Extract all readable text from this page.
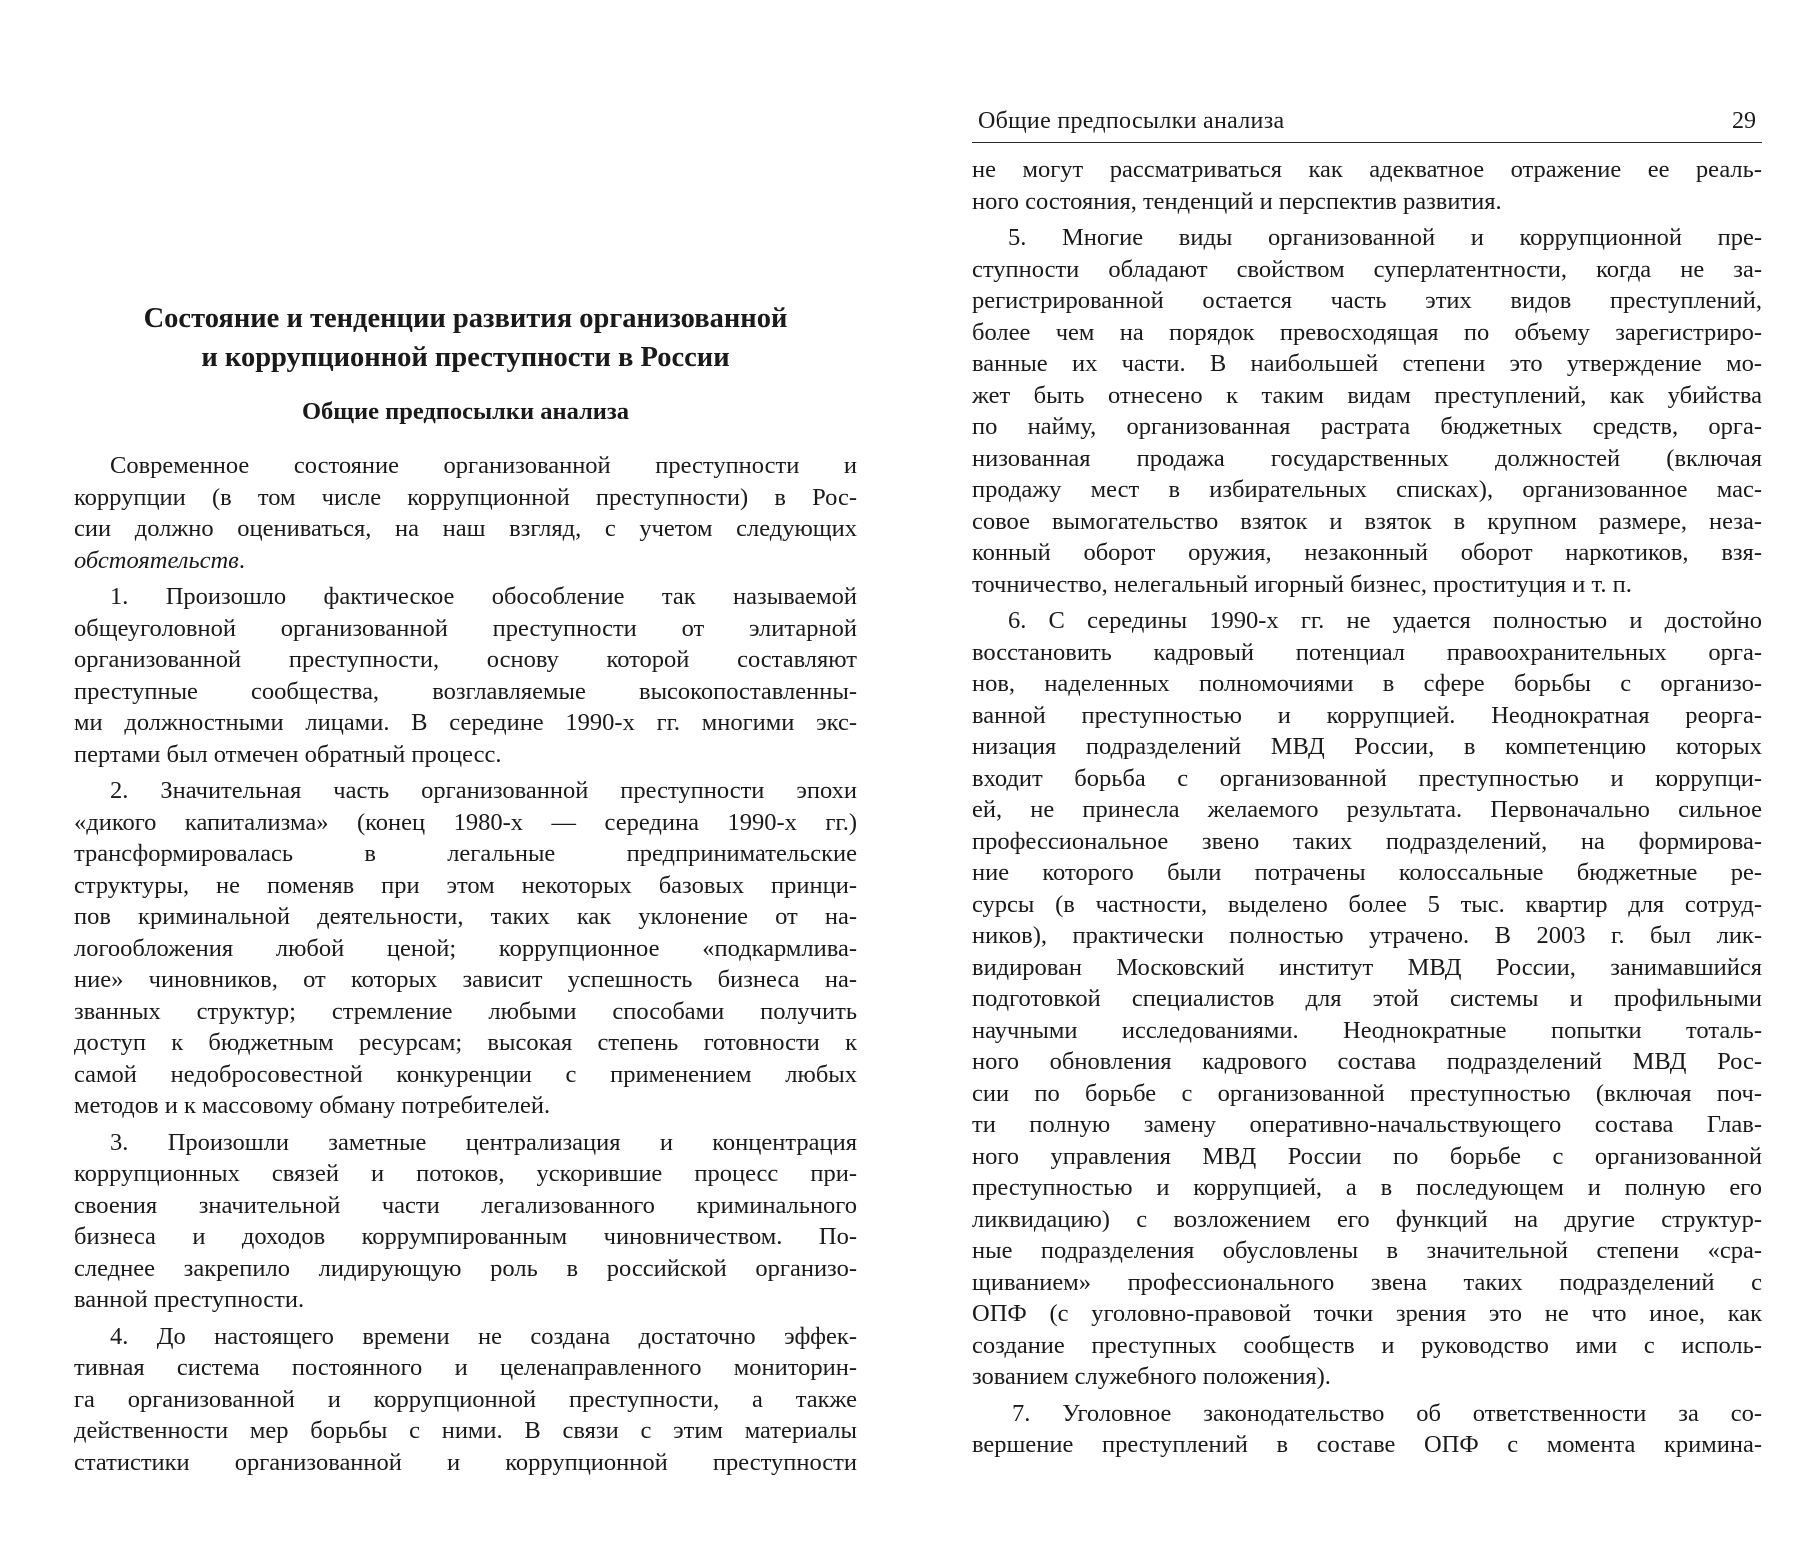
Состояние и тенденции развития организованной
и коррупционной преступности в России
Общие предпосылки анализа
Современное состояние организованной преступности и
коррупции (в том числе коррупционной преступности) в Рос-
сии должно оцениваться, на наш взгляд, с учетом следующих
обстоятельств.
1. Произошло фактическое обособление так называемой
общеуголовной организованной преступности от элитарной
организованной преступности, основу которой составляют
преступные сообщества, возглавляемые высокопоставленны-
ми должностными лицами. В середине 1990-х гг. многими экс-
пертами был отмечен обратный процесс.
2. Значительная часть организованной преступности эпохи
«дикого капитализма» (конец 1980-х — середина 1990-х гг.)
трансформировалась в легальные предпринимательские
структуры, не поменяв при этом некоторых базовых принци-
пов криминальной деятельности, таких как уклонение от на-
логообложения любой ценой; коррупционное «подкармлива-
ние» чиновников, от которых зависит успешность бизнеса на-
званных структур; стремление любыми способами получить
доступ к бюджетным ресурсам; высокая степень готовности к
самой недобросовестной конкуренции с применением любых
методов и к массовому обману потребителей.
3. Произошли заметные централизация и концентрация
коррупционных связей и потоков, ускорившие процесс при-
своения значительной части легализованного криминального
бизнеса и доходов коррумпированным чиновничеством. По-
следнее закрепило лидирующую роль в российской организо-
ванной преступности.
4. До настоящего времени не создана достаточно эффек-
тивная система постоянного и целенаправленного мониторин-
га организованной и коррупционной преступности, а также
действенности мер борьбы с ними. В связи с этим материалы
статистики организованной и коррупционной преступности
Общие предпосылки анализа	29
не могут рассматриваться как адекватное отражение ее реаль-
ного состояния, тенденций и перспектив развития.
5. Многие виды организованной и коррупционной пре-
ступности обладают свойством суперлатентности, когда не за-
регистрированной остается часть этих видов преступлений,
более чем на порядок превосходящая по объему зарегистриро-
ванные их части. В наибольшей степени это утверждение мо-
жет быть отнесено к таким видам преступлений, как убийства
по найму, организованная растрата бюджетных средств, орга-
низованная продажа государственных должностей (включая
продажу мест в избирательных списках), организованное мас-
совое вымогательство взяток и взяток в крупном размере, неза-
конный оборот оружия, незаконный оборот наркотиков, взя-
точничество, нелегальный игорный бизнес, проституция и т. п.
6. С середины 1990-х гг. не удается полностью и достойно
восстановить кадровый потенциал правоохранительных орга-
нов, наделенных полномочиями в сфере борьбы с организо-
ванной преступностью и коррупцией. Неоднократная реорга-
низация подразделений МВД России, в компетенцию которых
входит борьба с организованной преступностью и коррупци-
ей, не принесла желаемого результата. Первоначально сильное
профессиональное звено таких подразделений, на формирова-
ние которого были потрачены колоссальные бюджетные ре-
сурсы (в частности, выделено более 5 тыс. квартир для сотруд-
ников), практически полностью утрачено. В 2003 г. был лик-
видирован Московский институт МВД России, занимавшийся
подготовкой специалистов для этой системы и профильными
научными исследованиями. Неоднократные попытки тоталь-
ного обновления кадрового состава подразделений МВД Рос-
сии по борьбе с организованной преступностью (включая поч-
ти полную замену оперативно-начальствующего состава Глав-
ного управления МВД России по борьбе с организованной
преступностью и коррупцией, а в последующем и полную его
ликвидацию) с возложением его функций на другие структур-
ные подразделения обусловлены в значительной степени «сра-
щиванием» профессионального звена таких подразделений с
ОПФ (с уголовно-правовой точки зрения это не что иное, как
создание преступных сообществ и руководство ими с исполь-
зованием служебного положения).
7. Уголовное законодательство об ответственности за со-
вершение преступлений в составе ОПФ с момента кримина-
